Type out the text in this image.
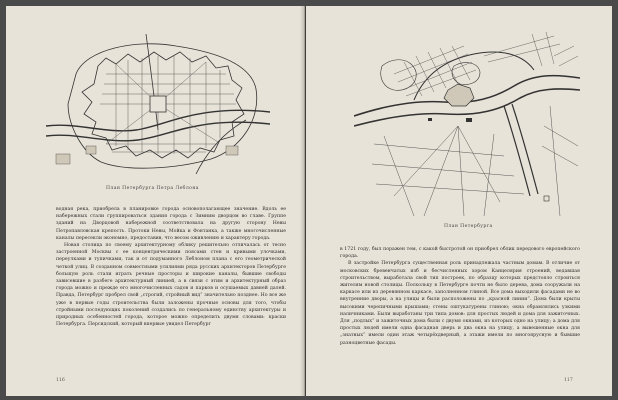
План Петербурга Петра Леблона

водная река, приобрела в планировке города основополагающее значение. Вдоль ее набережных стали группироваться здания города с Зимним дворцом во главе. Группе зданий на Дворцовой набережной соответствовала на другую сторону Невы Петропавловская крепость. Протоки Невы, Мойка и Фонтанка, а также многочисленные каналы пересекли экономно, предоставив, что весом оживлению и характеру города.

Новая столица по своему архитектурному облику решительно отличалась от тесно застроенной Москвы с ее концентрическими поясами стен и кривыми улочками, переулками и тупичками, так и от подуманного Леблоном плана с его геометрической четкой улиц. В созданном совместными усилиями ряда русских архитекторов Петербурге большую роль стали играть речные просторы и широкие каналы, бывшие свободы зависевшие в разбеге архитектурный линией, а в связи с этим и архитектурный образ города можно и прежде его многочисленных садов и парков и осушаемых давней далей. Правда, Петербург пробрел свой „строгий, стройный вид“ значительно позднее. Но все же уже в первые годы строительства были заложены прочные основы для того, чтобы стройными последующих поколений создались по генеральному единству архитектуры и природных особенностей города, которое можно определить двумя словами: краски Петербурга. Персидский, который впервые увидел Петербург

116
План Петербурга

в 1721 году, был поражен тем, с какой быстротой он приобрел облик передового европейского города.

В застройке Петербурга существенная роль принадлежала частным домам. В отличие от московских бревенчатых изб и бесчисленных хором Канцелярия строений, ведавшая строительством, выработала свой тип построек, по образцу которых предстояло строиться жителям новой столицы. Поскольку в Петербурге почти не было дерева, дома сооружали на каркасе или из деревянном каркасе, заполненном глиной. Все дома выходили фасадами не во внутренние дворы, а на улицы и были расположены по „красной линии“. Дома были крыты высокими черепичными крышами; стены оштукатурены глиною; окна обрамлялись узкими наличниками. Были выработаны три типа домов: для простых людей и дома для зажиточных. Для „подлых“ и зажиточных дома были с двумя окнами, из которых одно на улицу; а дома для простых людей имели одна фасадная дверь и два окна на улицу, а вывешенные окна для „знатных“ имели один этаж четырёхдверный, а этажи имели по многоярусную и бывшие разноцветные фасады.

117
